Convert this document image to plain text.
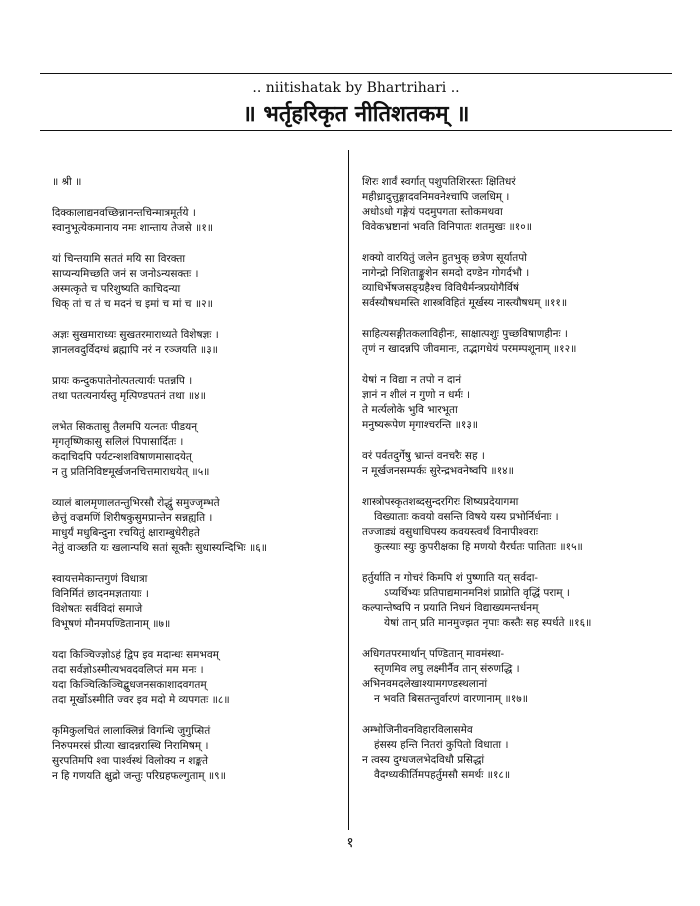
.. niitishatak by Bhartrihari ..
॥ भर्तृहरिकृत नीतिशतकम् ॥
॥ श्री ॥
दिक्कालाद्यनवच्छिन्नानन्तचिन्मात्रमूर्तये ।
स्वानुभूत्येकमानाय नमः शान्ताय तेजसे ॥१॥
यां चिन्तयामि सततं मयि सा विरक्ता
साप्यन्यमिच्छति जनं स जनोऽन्यसक्तः ।
अस्मत्कृते च परिशुष्यति काचिदन्या
धिक् तां च तं च मदनं च इमां च मां च ॥२॥
अज्ञः सुखमाराध्यः सुखतरमाराध्यते विशेषज्ञः ।
ज्ञानलवदुर्विदग्धं ब्रह्मापि नरं न रञ्जयति ॥३॥
प्रायः कन्दुकपातेनोत्पतत्यार्यः पतन्नपि ।
तथा पतत्यनार्यस्तु मृत्पिण्डपतनं तथा ॥४॥
लभेत सिकतासु तैलमपि यत्नतः पीडयन्
मृगतृष्णिकासु सलिलं पिपासार्दितः ।
कदाचिदपि पर्यटन्शशविषाणमासादयेत्
न तु प्रतिनिविष्टमूर्खजनचित्तमाराधयेत् ॥५॥
व्यालं बालमृणालतन्तुभिरसौ रोद्धुं समुज्जृम्भते
छेत्तुं वज्रमणिं शिरीषकुसुमप्रान्तेन सन्नह्यति ।
माधुर्यं मधुबिन्दुना रचयितुं क्षाराम्बुधेरीहते
नेतुं वाञ्छति यः खलान्पथि सतां सूक्तैः सुधास्यन्दिभिः ॥६॥
स्वायत्तमेकान्तगुणं विधात्रा
विनिर्मितं छादनमज्ञतायाः ।
विशेषतः सर्वविदां समाजे
विभूषणं मौनमपण्डितानाम् ॥७॥
यदा किञ्चिज्ज्ञोऽहं द्विप इव मदान्धः समभवम्
तदा सर्वज्ञोऽस्मीत्यभवदवलिप्तं मम मनः ।
यदा किञ्चित्किञ्चिद्बुधजनसकाशादवगतम्
तदा मूर्खोऽस्मीति ज्वर इव मदो मे व्यपगतः ॥८॥
कृमिकुलचितं लालाक्लिन्नं विगन्धि जुगुप्सितं
निरुपमरसं प्रीत्या खादन्नरास्थि निरामिषम् ।
सुरपतिमपि श्वा पार्श्वस्थं विलोक्य न शङ्कते
न हि गणयति क्षुद्रो जन्तुः परिग्रहफल्गुताम् ॥९॥
शिरः शार्वं स्वर्गात् पशुपतिशिरस्तः क्षितिधरं
महीध्रादुत्तुङ्गादवनिमवनेश्चापि जलधिम् ।
अधोऽधो गङ्गेयं पदमुपगता स्तोकमथवा
विवेकभ्रष्टानां भवति विनिपातः शतमुखः ॥१०॥
शक्यो वारयितुं जलेन हुतभुक् छत्रेण सूर्यातपो
नागेन्द्रो निशिताङ्कुशेन समदो दण्डेन गोगर्दभौ ।
व्याधिर्भेषजसङ्ग्रहैश्च विविधैर्मन्त्रप्रयोगैर्विषं
सर्वस्यौषधमस्ति शास्त्रविहितं मूर्खस्य नास्त्यौषधम् ॥११॥
साहित्यसङ्गीतकलाविहीनः, साक्षात्पशुः पुच्छविषाणहीनः ।
तृणं न खादन्नपि जीवमानः, तद्भागधेयं परमम्पशूनाम् ॥१२॥
येषां न विद्या न तपो न दानं
ज्ञानं न शीलं न गुणो न धर्मः ।
ते मर्त्यलोके भुवि भारभूता
मनुष्यरूपेण मृगाश्चरन्ति ॥१३॥
वरं पर्वतदुर्गेषु भ्रान्तं वनचरैः सह ।
न मूर्खजनसम्पर्कः सुरेन्द्रभवनेष्वपि ॥१४॥
शास्त्रोपस्कृतशब्दसुन्दरगिरः शिष्यप्रदेयागमा
विख्याताः कवयो वसन्ति विषये यस्य प्रभोर्निर्धनाः ।
तज्जाड्यं वसुधाधिपस्य कवयस्त्वर्थं विनापीश्वराः
कुत्स्याः स्युः कुपरीक्षका हि मणयो यैरर्घतः पातिताः ॥१५॥
हर्तुर्याति न गोचरं किमपि शं पुष्णाति यत् सर्वदा-
ऽप्यर्थिभ्यः प्रतिपाद्यमानमनिशं प्राप्नोति वृद्धिं पराम् ।
कल्पान्तेष्वपि न प्रयाति निधनं विद्याख्यमन्तर्धनम्
येषां तान् प्रति मानमुज्झत नृपाः कस्तैः सह स्पर्धते ॥१६॥
अधिगतपरमार्थान् पण्डितान् मावमंस्था-
स्तृणमिव लघु लक्ष्मीर्नैव तान् संरुणद्धि ।
अभिनवमदलेखाश्यामगण्डस्थलानां
न भवति बिसतन्तुर्वारणं वारणानाम् ॥१७॥
अम्भोजिनीवनविहारविलासमेव
हंसस्य हन्ति नितरां कुपितो विधाता ।
न त्वस्य दुग्धजलभेदविधौ प्रसिद्धां
वैदग्ध्यकीर्तिमपहर्तुमसौ समर्थः ॥१८॥
१
